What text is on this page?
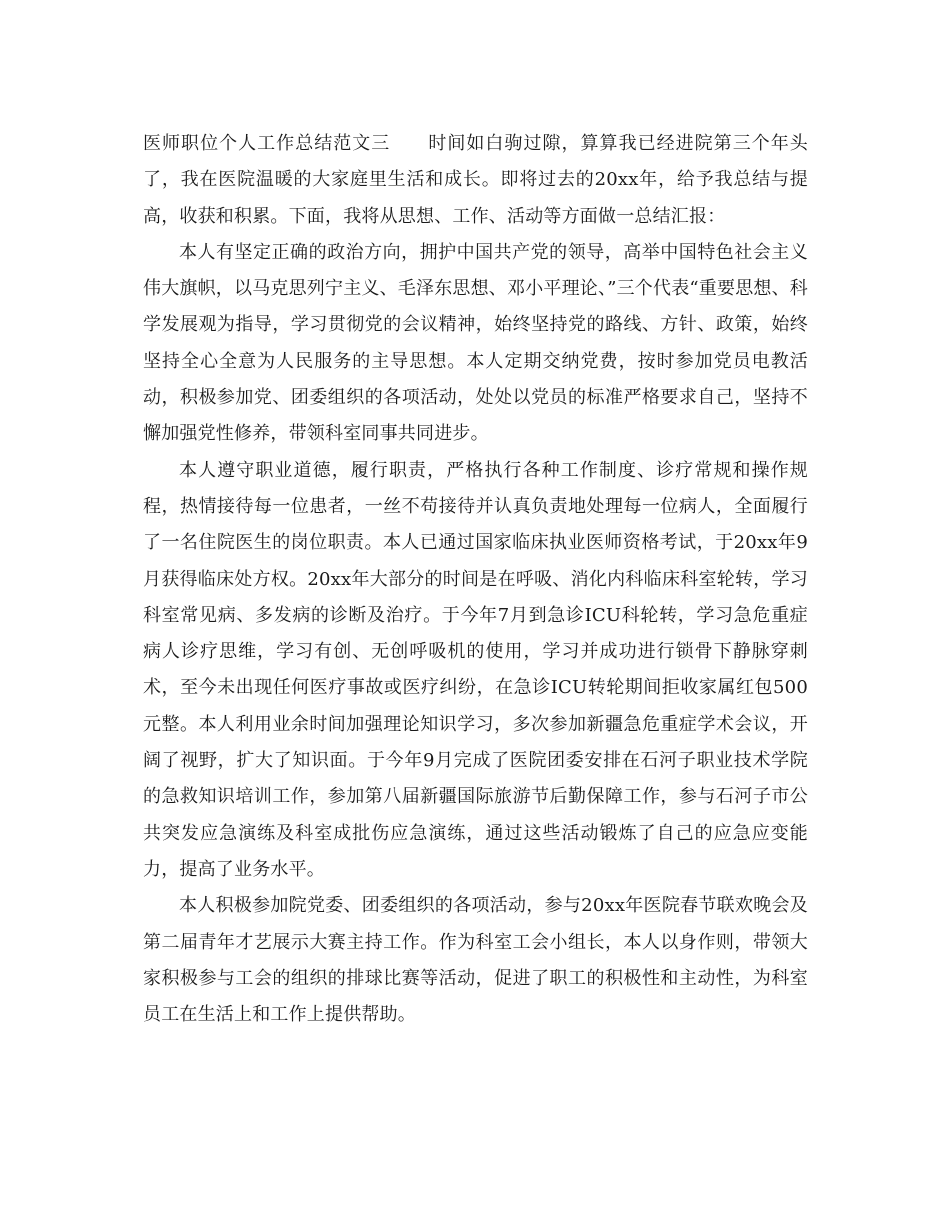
医师职位个人工作总结范文三 时间如白驹过隙，算算我已经进院第三个年头了，我在医院温暖的大家庭里生活和成长。即将过去的20xx年，给予我总结与提高，收获和积累。下面，我将从思想、工作、活动等方面做一总结汇报：

本人有坚定正确的政治方向，拥护中国共产党的领导，高举中国特色社会主义伟大旗帜，以马克思列宁主义、毛泽东思想、邓小平理论、”三个代表“重要思想、科学发展观为指导，学习贯彻党的会议精神，始终坚持党的路线、方针、政策，始终坚持全心全意为人民服务的主导思想。本人定期交纳党费，按时参加党员电教活动，积极参加党、团委组织的各项活动，处处以党员的标准严格要求自己，坚持不懈加强党性修养，带领科室同事共同进步。

本人遵守职业道德，履行职责，严格执行各种工作制度、诊疗常规和操作规程，热情接待每一位患者，一丝不苟接待并认真负责地处理每一位病人，全面履行了一名住院医生的岗位职责。本人已通过国家临床执业医师资格考试，于20xx年9月获得临床处方权。20xx年大部分的时间是在呼吸、消化内科临床科室轮转，学习科室常见病、多发病的诊断及治疗。于今年7月到急诊ICU科轮转，学习急危重症病人诊疗思维，学习有创、无创呼吸机的使用，学习并成功进行锁骨下静脉穿刺术，至今未出现任何医疗事故或医疗纠纷，在急诊ICU转轮期间拒收家属红包500元整。本人利用业余时间加强理论知识学习，多次参加新疆急危重症学术会议，开阔了视野，扩大了知识面。于今年9月完成了医院团委安排在石河子职业技术学院的急救知识培训工作，参加第八届新疆国际旅游节后勤保障工作，参与石河子市公共突发应急演练及科室成批伤应急演练，通过这些活动锻炼了自己的应急应变能力，提高了业务水平。

本人积极参加院党委、团委组织的各项活动，参与20xx年医院春节联欢晚会及第二届青年才艺展示大赛主持工作。作为科室工会小组长，本人以身作则，带领大家积极参与工会的组织的排球比赛等活动，促进了职工的积极性和主动性，为科室员工在生活上和工作上提供帮助。
